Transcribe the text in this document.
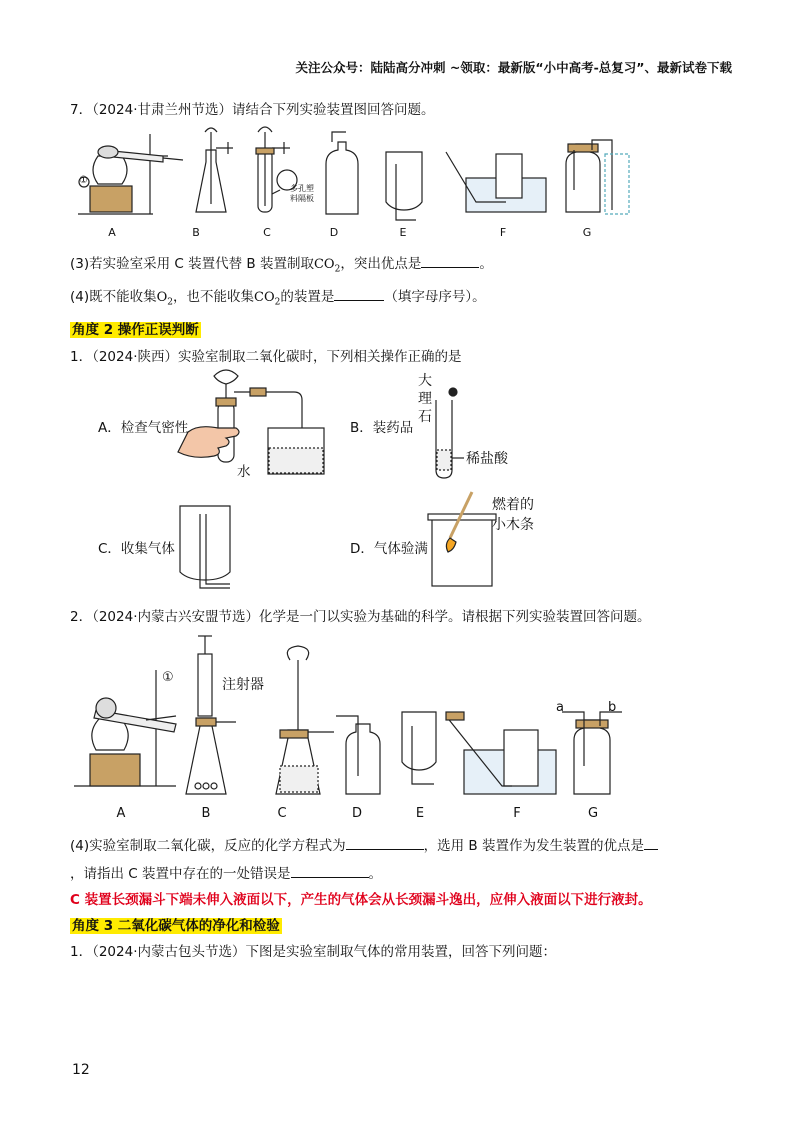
关注公众号：陆陆高分冲刺 ~领取：最新版“小中高考-总复习”、最新试卷下载
7．（2024·甘肃兰州节选）请结合下列实验装置图回答问题。
A	B	C	D	E	F	G
①
多孔塑
料隔板
(3)若实验室采用 C 装置代替 B 装置制取$CO_2$，突出优点是	。
(4)既不能收集$O_2$，也不能收集$CO_2$的装置是	（填字母序号）。
角度 2 操作正误判断
1．（2024·陕西）实验室制取二氧化碳时，下列相关操作正确的是
A．检查气密性
水
B．装药品
大
理
石
稀盐酸
C．收集气体	D．气体验满
燃着的
小木条
2．（2024·内蒙古兴安盟节选）化学是一门以实验为基础的科学。请根据下列实验装置回答问题。
注射器
①
A	B	C	D	E	F	G
a	b
(4)实验室制取二氧化碳，反应的化学方程式为	，选用 B 装置作为发生装置的优点是
，请指出 C 装置中存在的一处错误是	。
C 装置长颈漏斗下端未伸入液面以下，产生的气体会从长颈漏斗逸出，应伸入液面以下进行液封。
角度 3 二氧化碳气体的净化和检验
1．（2024·内蒙古包头节选）下图是实验室制取气体的常用装置，回答下列问题：
12
